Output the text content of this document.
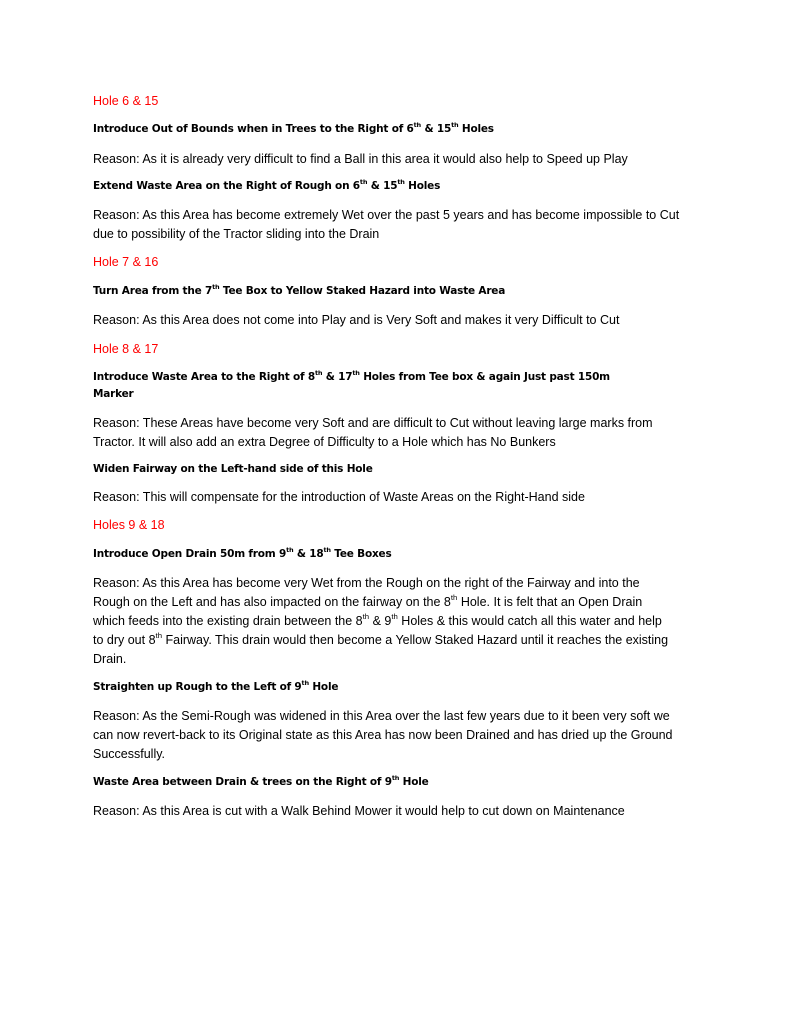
Hole 6 & 15
Introduce Out of Bounds when in Trees to the Right of 6th & 15th Holes
Reason: As it is already very difficult to find a Ball in this area it would also help to Speed up Play
Extend Waste Area on the Right of Rough on 6th & 15th Holes
Reason: As this Area has become extremely Wet over the past 5 years and has become impossible to Cut
due to possibility of the Tractor sliding into the Drain
Hole 7 & 16
Turn Area from the 7th Tee Box to Yellow Staked Hazard into Waste Area
Reason: As this Area does not come into Play and is Very Soft and makes it very Difficult to Cut
Hole 8 & 17
Introduce Waste Area to the Right of 8th & 17th Holes from Tee box & again Just past 150m
Marker
Reason: These Areas have become very Soft and are difficult to Cut without leaving large marks from
Tractor. It will also add an extra Degree of Difficulty to a Hole which has No Bunkers
Widen Fairway on the Left-hand side of this Hole
Reason: This will compensate for the introduction of Waste Areas on the Right-Hand side
Holes 9 & 18
Introduce Open Drain 50m from 9th & 18th Tee Boxes
Reason: As this Area has become very Wet from the Rough on the right of the Fairway and into the
Rough on the Left and has also impacted on the fairway on the 8th Hole. It is felt that an Open Drain
which feeds into the existing drain between the 8th & 9th Holes & this would catch all this water and help
to dry out 8th Fairway. This drain would then become a Yellow Staked Hazard until it reaches the existing
Drain.
Straighten up Rough to the Left of 9th Hole
Reason: As the Semi-Rough was widened in this Area over the last few years due to it been very soft we
can now revert-back to its Original state as this Area has now been Drained and has dried up the Ground
Successfully.
Waste Area between Drain & trees on the Right of 9th Hole
Reason: As this Area is cut with a Walk Behind Mower it would help to cut down on Maintenance
